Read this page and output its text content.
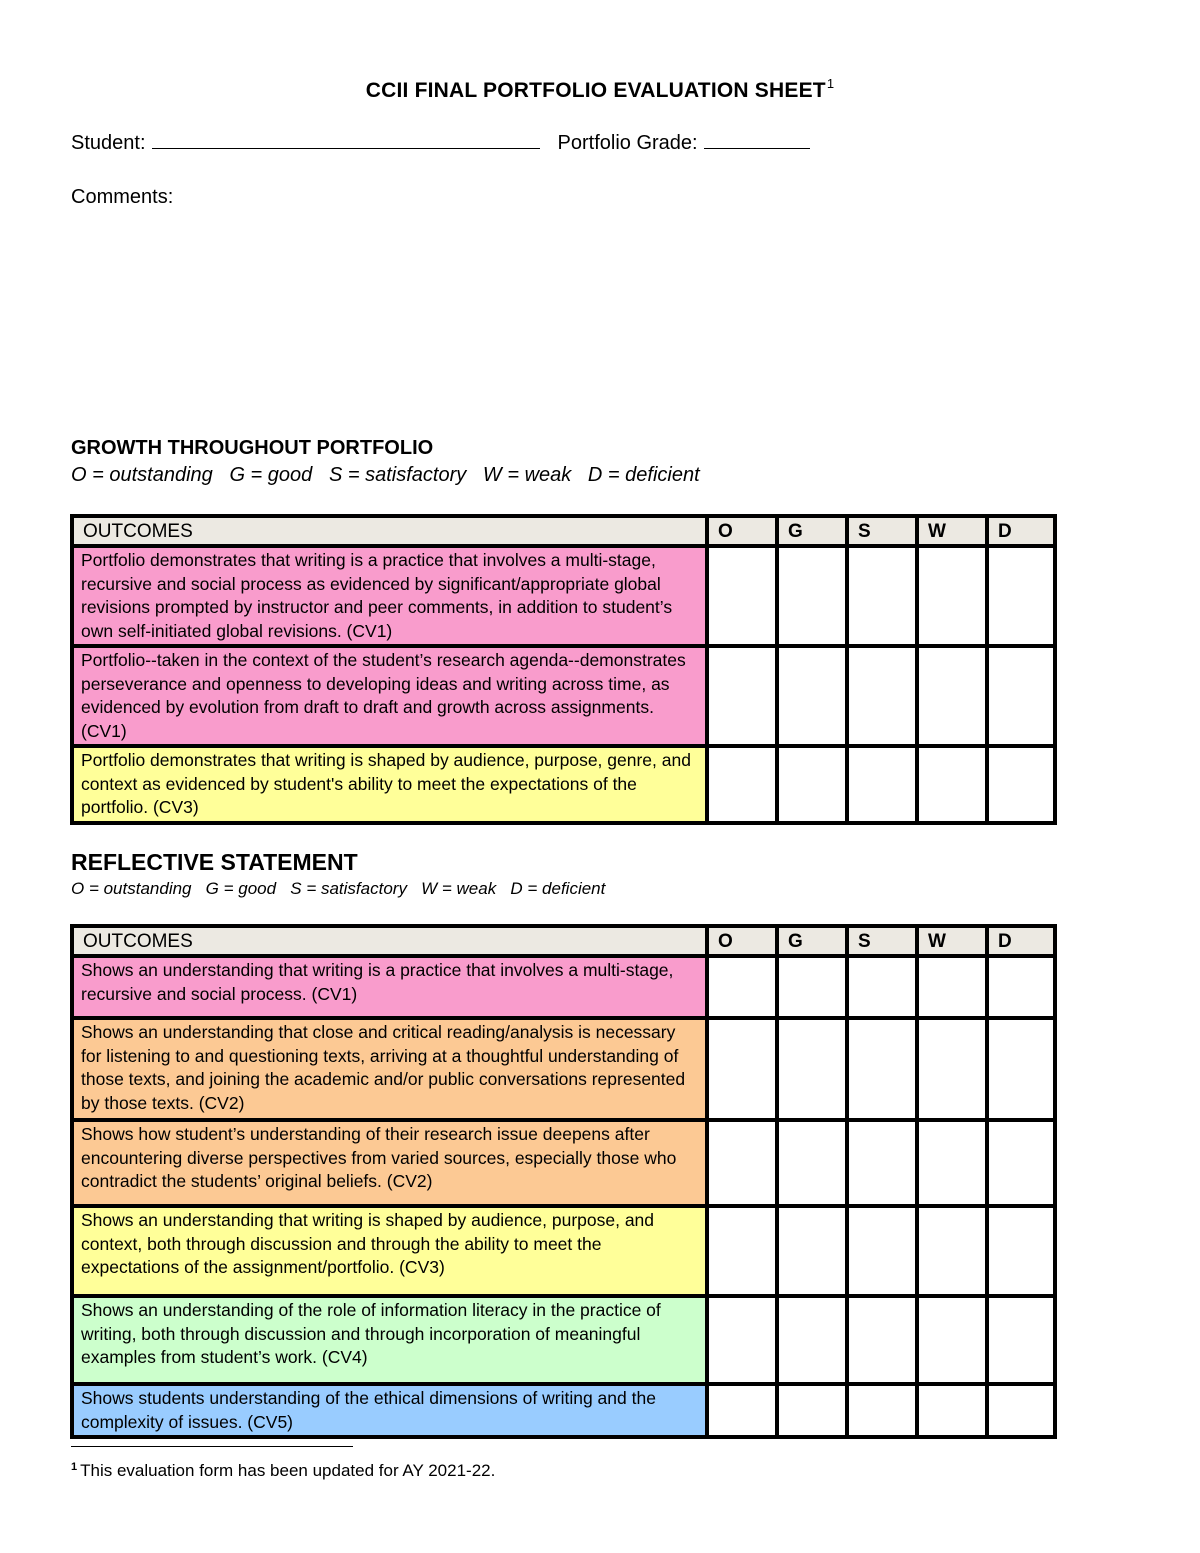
CCII FINAL PORTFOLIO EVALUATION SHEET$^1$
Student:	Portfolio Grade:
Comments:
GROWTH THROUGHOUT PORTFOLIO
O = outstanding   G = good   S = satisfactory   W = weak   D = deficient
OUTCOMES	O	G	S	W	D
Portfolio demonstrates that writing is a practice that involves a multi-stage, recursive and social process as evidenced by significant/appropriate global revisions prompted by instructor and peer comments, in addition to student’s own self-initiated global revisions. (CV1)					
Portfolio--taken in the context of the student’s research agenda--demonstrates perseverance and openness to developing ideas and writing across time, as evidenced by evolution from draft to draft and growth across assignments. (CV1)					
Portfolio demonstrates that writing is shaped by audience, purpose, genre, and context as evidenced by student's ability to meet the expectations of the portfolio. (CV3)					
REFLECTIVE STATEMENT
O = outstanding   G = good   S = satisfactory   W = weak   D = deficient
OUTCOMES	O	G	S	W	D
Shows an understanding that writing is a practice that involves a multi-stage, recursive and social process. (CV1)					
Shows an understanding that close and critical reading/analysis is necessary for listening to and questioning texts, arriving at a thoughtful understanding of those texts, and joining the academic and/or public conversations represented by those texts. (CV2)					
Shows how student’s understanding of their research issue deepens after encountering diverse perspectives from varied sources, especially those who contradict the students’ original beliefs. (CV2)					
Shows an understanding that writing is shaped by audience, purpose, and context, both through discussion and through the ability to meet the expectations of the assignment/portfolio. (CV3)					
Shows an understanding of the role of information literacy in the practice of writing, both through discussion and through incorporation of meaningful examples from student’s work. (CV4)					
Shows students understanding of the ethical dimensions of writing and the complexity of issues. (CV5)					
$^1$ This evaluation form has been updated for AY 2021-22.
